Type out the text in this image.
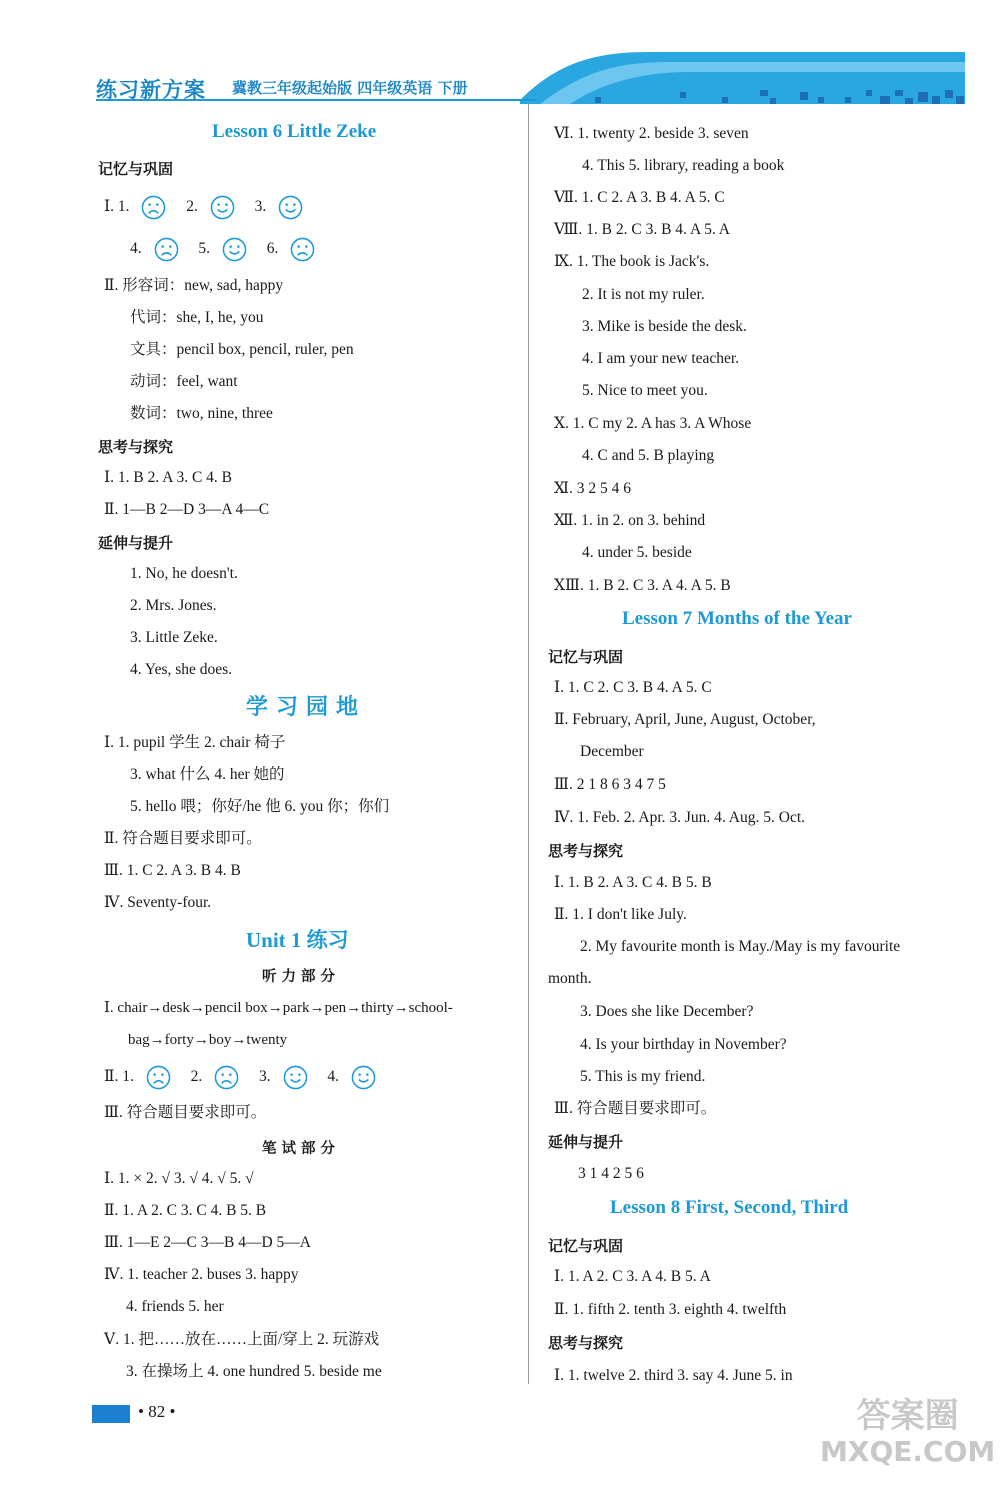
练习新方案 冀教三年级起始版 四年级英语 下册
Lesson 6 Little Zeke
记忆与巩固
Ⅰ. 1.	2.	3.
4.	5.	6.
Ⅱ. 形容词：new, sad, happy
代词：she, I, he, you
文具：pencil box, pencil, ruler, pen
动词：feel, want
数词：two, nine, three
思考与探究
Ⅰ. 1. B 2. A 3. C 4. B
Ⅱ. 1—B 2—D 3—A 4—C
延伸与提升
1. No, he doesn't.
2. Mrs. Jones.
3. Little Zeke.
4. Yes, she does.
学习园地
Ⅰ. 1. pupil 学生 2. chair 椅子
3. what 什么 4. her 她的
5. hello 喂；你好/he 他 6. you 你；你们
Ⅱ. 符合题目要求即可。
Ⅲ. 1. C 2. A 3. B 4. B
Ⅳ. Seventy-four.
Unit 1 练习
听力部分
Ⅰ. chair→desk→pencil box→park→pen→thirty→school-
bag→forty→boy→twenty
Ⅱ. 1.	2.	3.	4.
Ⅲ. 符合题目要求即可。
笔试部分
Ⅰ. 1. × 2. √ 3. √ 4. √ 5. √
Ⅱ. 1. A 2. C 3. C 4. B 5. B
Ⅲ. 1—E 2—C 3—B 4—D 5—A
Ⅳ. 1. teacher 2. buses 3. happy
4. friends 5. her
Ⅴ. 1. 把……放在……上面/穿上 2. 玩游戏
3. 在操场上 4. one hundred 5. beside me
Ⅵ. 1. twenty 2. beside 3. seven
4. This 5. library, reading a book
Ⅶ. 1. C 2. A 3. B 4. A 5. C
Ⅷ. 1. B 2. C 3. B 4. A 5. A
Ⅸ. 1. The book is Jack's.
2. It is not my ruler.
3. Mike is beside the desk.
4. I am your new teacher.
5. Nice to meet you.
Ⅹ. 1. C my 2. A has 3. A Whose
4. C and 5. B playing
Ⅺ. 3 2 5 4 6
Ⅻ. 1. in 2. on 3. behind
4. under 5. beside
ⅩⅢ. 1. B 2. C 3. A 4. A 5. B
Lesson 7 Months of the Year
记忆与巩固
Ⅰ. 1. C 2. C 3. B 4. A 5. C
Ⅱ. February, April, June, August, October,
December
Ⅲ. 2 1 8 6 3 4 7 5
Ⅳ. 1. Feb. 2. Apr. 3. Jun. 4. Aug. 5. Oct.
思考与探究
Ⅰ. 1. B 2. A 3. C 4. B 5. B
Ⅱ. 1. I don't like July.
2. My favourite month is May./May is my favourite
month.
3. Does she like December?
4. Is your birthday in November?
5. This is my friend.
Ⅲ. 符合题目要求即可。
延伸与提升
3 1 4 2 5 6
Lesson 8 First, Second, Third
记忆与巩固
Ⅰ. 1. A 2. C 3. A 4. B 5. A
Ⅱ. 1. fifth 2. tenth 3. eighth 4. twelfth
思考与探究
Ⅰ. 1. twelve 2. third 3. say 4. June 5. in
• 82 •	答案圈
MXQE.COM
